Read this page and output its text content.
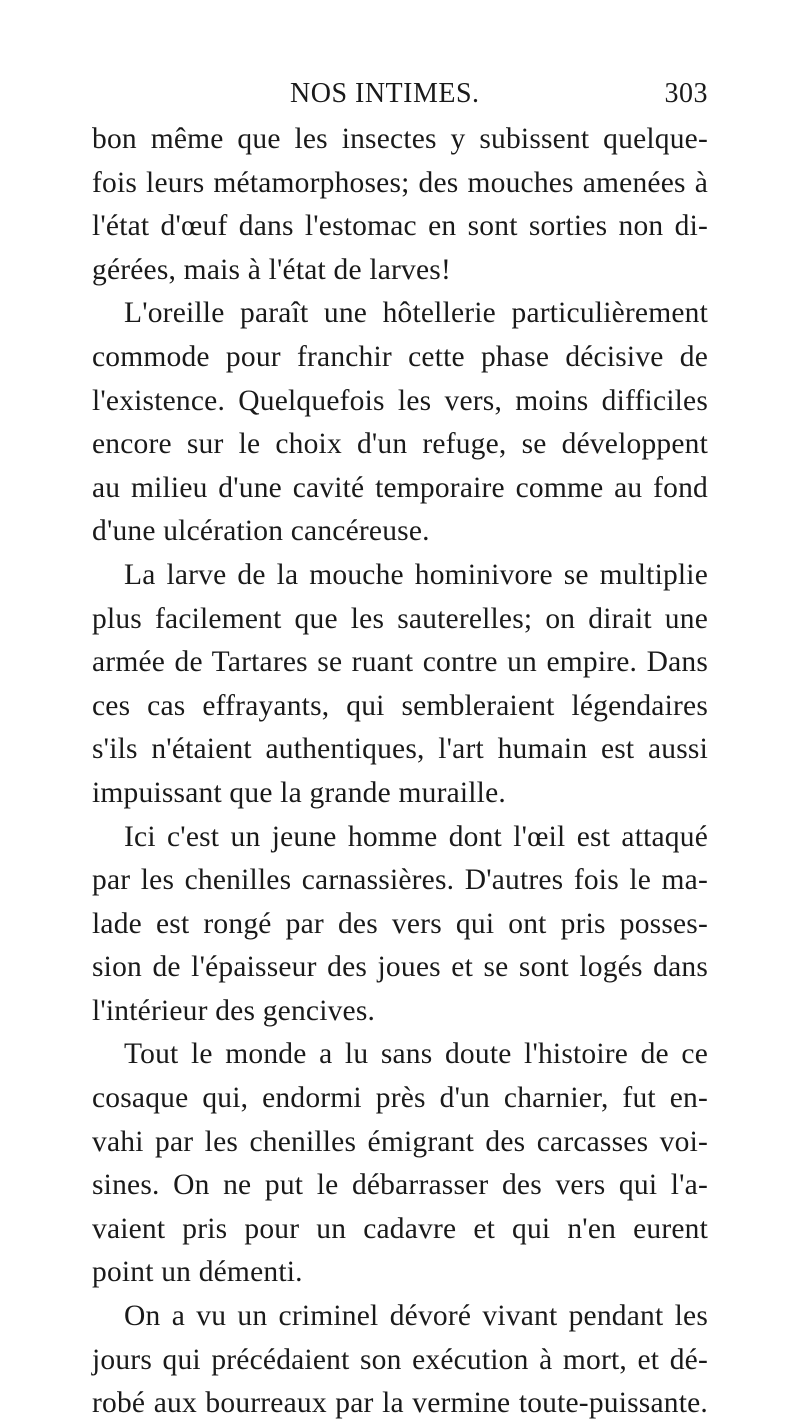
NOS INTIMES.	303
bon même que les insectes y subissent quelque-
fois leurs métamorphoses; des mouches amenées à
l'état d'œuf dans l'estomac en sont sorties non di-
gérées, mais à l'état de larves!
L'oreille paraît une hôtellerie particulièrement
commode pour franchir cette phase décisive de
l'existence. Quelquefois les vers, moins difficiles
encore sur le choix d'un refuge, se développent
au milieu d'une cavité temporaire comme au fond
d'une ulcération cancéreuse.
La larve de la mouche hominivore se multiplie
plus facilement que les sauterelles; on dirait une
armée de Tartares se ruant contre un empire. Dans
ces cas effrayants, qui sembleraient légendaires
s'ils n'étaient authentiques, l'art humain est aussi
impuissant que la grande muraille.
Ici c'est un jeune homme dont l'œil est attaqué
par les chenilles carnassières. D'autres fois le ma-
lade est rongé par des vers qui ont pris posses-
sion de l'épaisseur des joues et se sont logés dans
l'intérieur des gencives.
Tout le monde a lu sans doute l'histoire de ce
cosaque qui, endormi près d'un charnier, fut en-
vahi par les chenilles émigrant des carcasses voi-
sines. On ne put le débarrasser des vers qui l'a-
vaient pris pour un cadavre et qui n'en eurent
point un démenti.
On a vu un criminel dévoré vivant pendant les
jours qui précédaient son exécution à mort, et dé-
robé aux bourreaux par la vermine toute-puissante.
